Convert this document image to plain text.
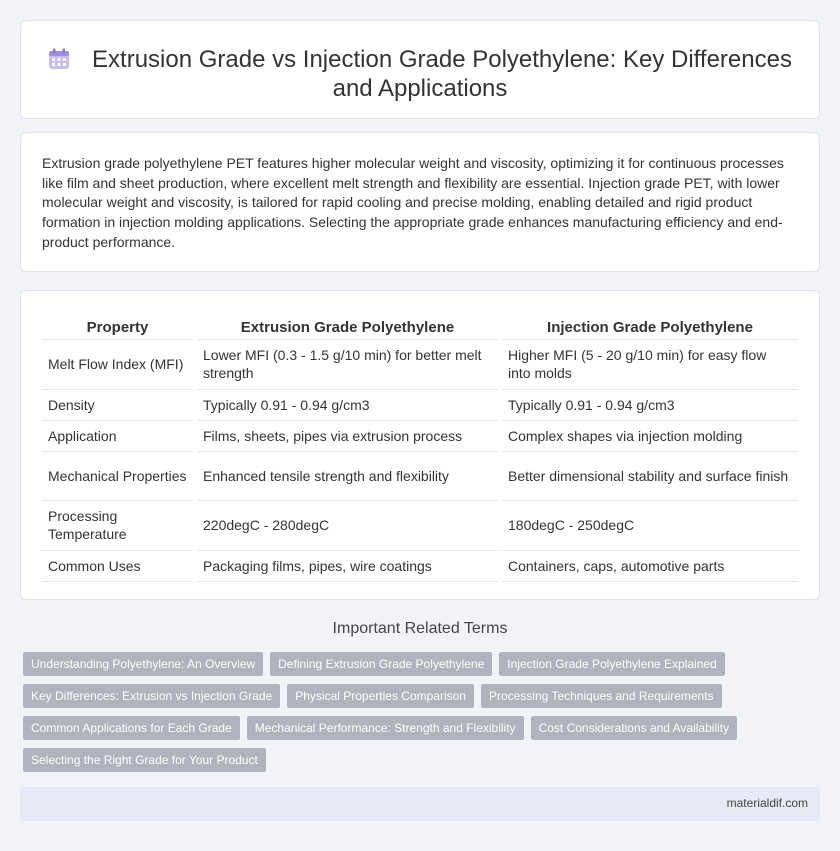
Extrusion Grade vs Injection Grade Polyethylene: Key Differences and Applications

Extrusion grade polyethylene PET features higher molecular weight and viscosity, optimizing it for continuous processes like film and sheet production, where excellent melt strength and flexibility are essential. Injection grade PET, with lower molecular weight and viscosity, is tailored for rapid cooling and precise molding, enabling detailed and rigid product formation in injection molding applications. Selecting the appropriate grade enhances manufacturing efficiency and end-product performance.

Property	Extrusion Grade Polyethylene	Injection Grade Polyethylene
Melt Flow Index (MFI)	Lower MFI (0.3 - 1.5 g/10 min) for better melt strength	Higher MFI (5 - 20 g/10 min) for easy flow into molds
Density	Typically 0.91 - 0.94 g/cm3	Typically 0.91 - 0.94 g/cm3
Application	Films, sheets, pipes via extrusion process	Complex shapes via injection molding
Mechanical Properties	Enhanced tensile strength and flexibility	Better dimensional stability and surface finish
Processing Temperature	220degC - 280degC	180degC - 250degC
Common Uses	Packaging films, pipes, wire coatings	Containers, caps, automotive parts
Important Related Terms
Understanding Polyethylene: An Overview	Defining Extrusion Grade Polyethylene	Injection Grade Polyethylene Explained
Key Differences: Extrusion vs Injection Grade	Physical Properties Comparison	Processing Techniques and Requirements
Common Applications for Each Grade	Mechanical Performance: Strength and Flexibility	Cost Considerations and Availability
Selecting the Right Grade for Your Product
materialdif.com
